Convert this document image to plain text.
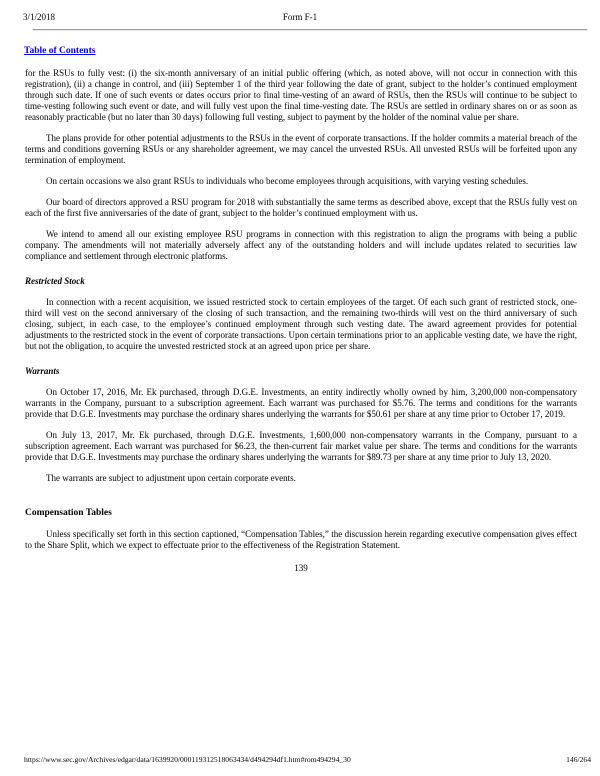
3/1/2018	Form F-1
Table of Contents

for the RSUs to fully vest: (i) the six-month anniversary of an initial public offering (which, as noted above, will not occur in connection with this registration), (ii) a change in control, and (iii) September 1 of the third year following the date of grant, subject to the holder’s continued employment through such date. If one of such events or dates occurs prior to final time-vesting of an award of RSUs, then the RSUs will continue to be subject to time-vesting following such event or date, and will fully vest upon the final time-vesting date. The RSUs are settled in ordinary shares on or as soon as reasonably practicable (but no later than 30 days) following full vesting, subject to payment by the holder of the nominal value per share.

The plans provide for other potential adjustments to the RSUs in the event of corporate transactions. If the holder commits a material breach of the terms and conditions governing RSUs or any shareholder agreement, we may cancel the unvested RSUs. All unvested RSUs will be forfeited upon any termination of employment.

On certain occasions we also grant RSUs to individuals who become employees through acquisitions, with varying vesting schedules.

Our board of directors approved a RSU program for 2018 with substantially the same terms as described above, except that the RSUs fully vest on each of the first five anniversaries of the date of grant, subject to the holder’s continued employment with us.

We intend to amend all our existing employee RSU programs in connection with this registration to align the programs with being a public company. The amendments will not materially adversely affect any of the outstanding holders and will include updates related to securities law compliance and settlement through electronic platforms.

Restricted Stock

In connection with a recent acquisition, we issued restricted stock to certain employees of the target. Of each such grant of restricted stock, one-third will vest on the second anniversary of the closing of such transaction, and the remaining two-thirds will vest on the third anniversary of such closing, subject, in each case, to the employee’s continued employment through such vesting date. The award agreement provides for potential adjustments to the restricted stock in the event of corporate transactions. Upon certain terminations prior to an applicable vesting date, we have the right, but not the obligation, to acquire the unvested restricted stock at an agreed upon price per share.

Warrants

On October 17, 2016, Mr. Ek purchased, through D.G.E. Investments, an entity indirectly wholly owned by him, 3,200,000 non-compensatory warrants in the Company, pursuant to a subscription agreement. Each warrant was purchased for $5.76. The terms and conditions for the warrants provide that D.G.E. Investments may purchase the ordinary shares underlying the warrants for $50.61 per share at any time prior to October 17, 2019.

On July 13, 2017, Mr. Ek purchased, through D.G.E. Investments, 1,600,000 non-compensatory warrants in the Company, pursuant to a subscription agreement. Each warrant was purchased for $6.23, the then-current fair market value per share. The terms and conditions for the warrants provide that D.G.E. Investments may purchase the ordinary shares underlying the warrants for $89.73 per share at any time prior to July 13, 2020.

The warrants are subject to adjustment upon certain corporate events.

Compensation Tables

Unless specifically set forth in this section captioned, “Compensation Tables,” the discussion herein regarding executive compensation gives effect to the Share Split, which we expect to effectuate prior to the effectiveness of the Registration Statement.

139
https://www.sec.gov/Archives/edgar/data/1639920/000119312518063434/d494294df1.htm#rom494294_30	146/264
